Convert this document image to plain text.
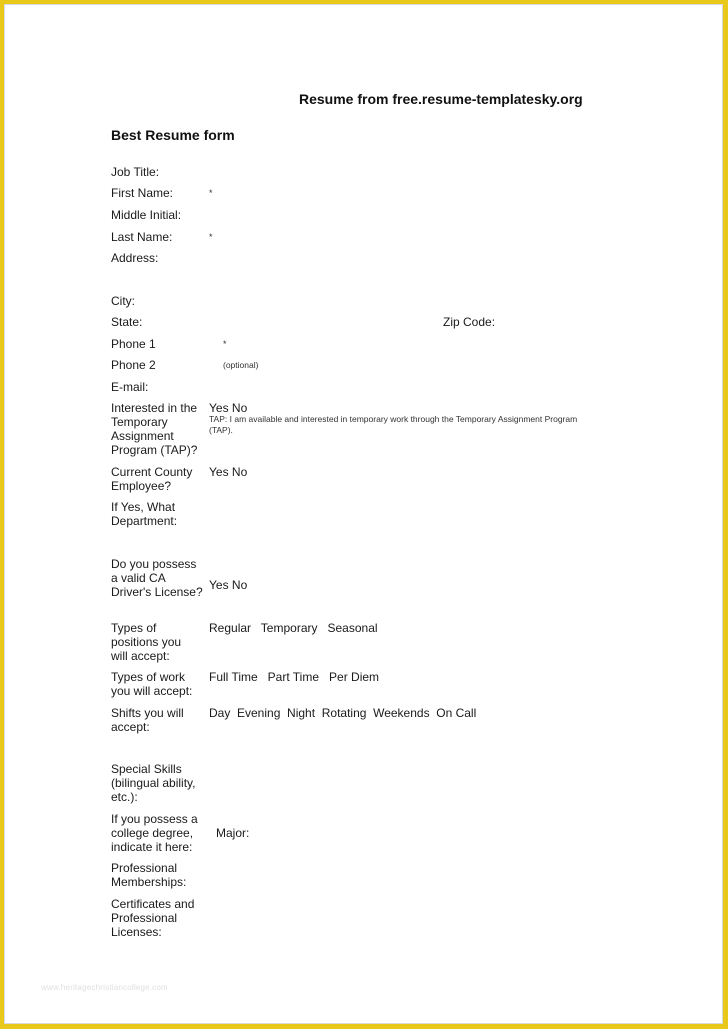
Resume from free.resume-templatesky.org
Best Resume form
Job Title:
First Name:	*
Middle Initial:
Last Name:	*
Address:
City:
State:	Zip Code:
Phone 1	*
Phone 2	(optional)
E-mail:
Interested in the Temporary Assignment Program (TAP)?
Yes No
TAP: I am available and interested in temporary work through the Temporary Assignment Program (TAP).
Current County Employee?
Yes No
If Yes, What Department:
Do you possess a valid CA Driver's License? Yes No
Types of positions you will accept:
Regular   Temporary   Seasonal
Types of work you will accept:
Full Time   Part Time   Per Diem
Shifts you will accept:
Day  Evening  Night  Rotating  Weekends  On Call
Special Skills (bilingual ability, etc.):
If you possess a college degree, indicate it here:
Major:
Professional Memberships:
Certificates and Professional Licenses:
www.heritagechristiancollege.com
